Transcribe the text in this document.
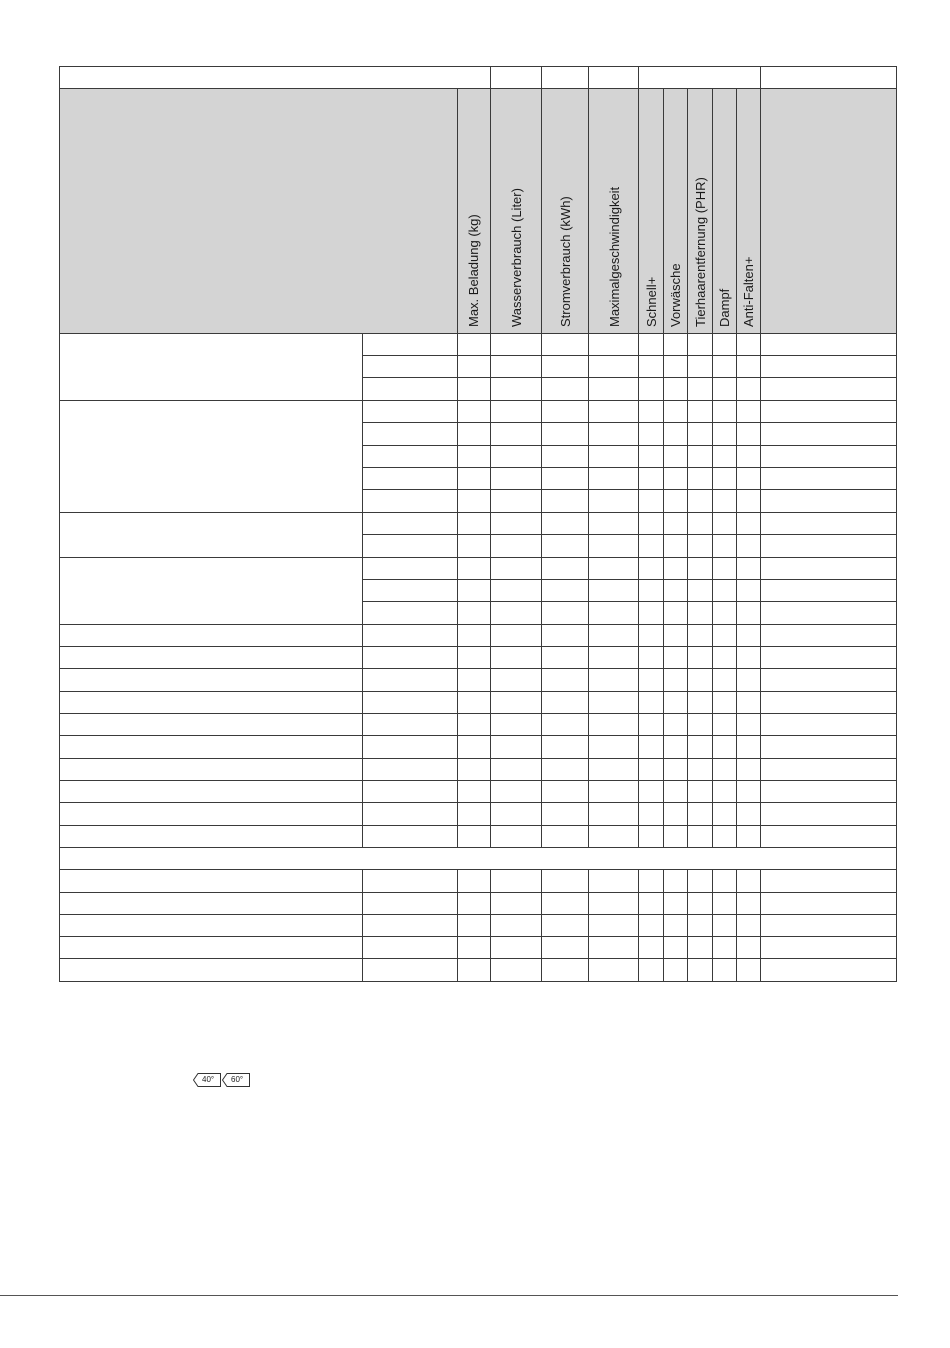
Max. Beladung (kg) Wasserverbrauch (Liter)	Stromverbrauch (kWh)	Maximalgeschwindigkeit Schnell+ Vorwäsche Tierhaarentfernung (PHR) Dampf Anti-Falten+
40° 60°
